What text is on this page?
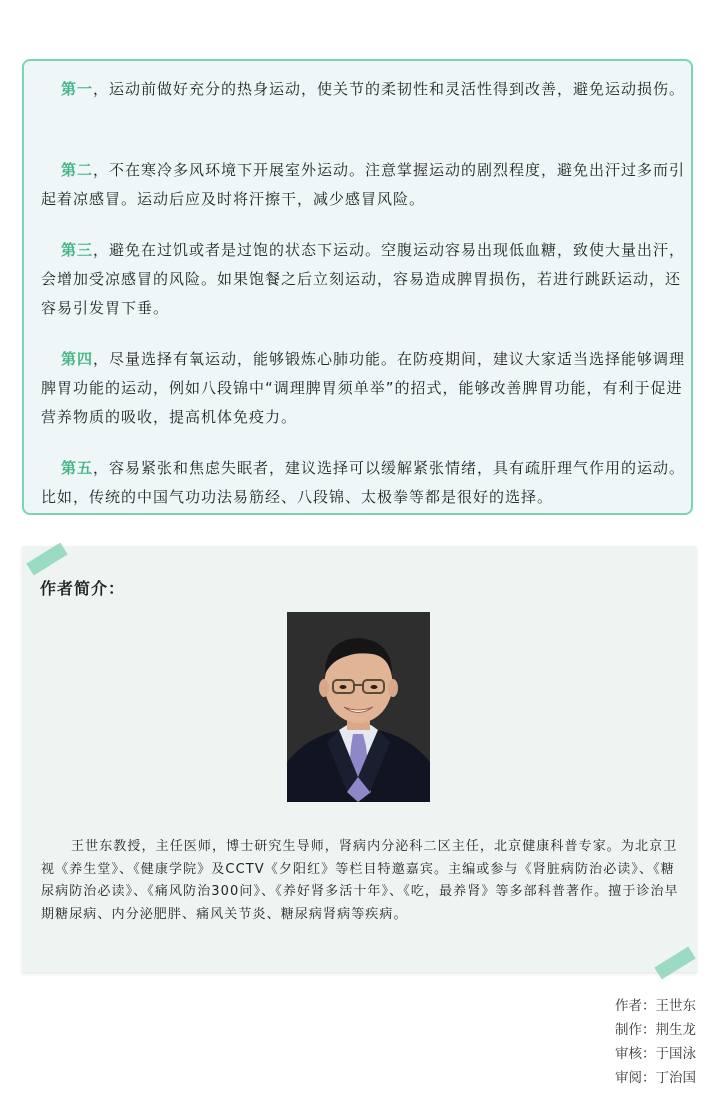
第一，运动前做好充分的热身运动，使关节的柔韧性和灵活性得到改善，避免运动损伤。

第二，不在寒冷多风环境下开展室外运动。注意掌握运动的剧烈程度，避免出汗过多而引起着凉感冒。运动后应及时将汗擦干，减少感冒风险。

第三，避免在过饥或者是过饱的状态下运动。空腹运动容易出现低血糖，致使大量出汗，会增加受凉感冒的风险。如果饱餐之后立刻运动，容易造成脾胃损伤，若进行跳跃运动，还容易引发胃下垂。

第四，尽量选择有氧运动，能够锻炼心肺功能。在防疫期间，建议大家适当选择能够调理脾胃功能的运动，例如八段锦中“调理脾胃须单举”的招式，能够改善脾胃功能，有利于促进营养物质的吸收，提高机体免疫力。

第五，容易紧张和焦虑失眠者，建议选择可以缓解紧张情绪，具有疏肝理气作用的运动。比如，传统的中国气功功法易筋经、八段锦、太极拳等都是很好的选择。

作者简介：

王世东教授，主任医师，博士研究生导师，肾病内分泌科二区主任，北京健康科普专家。为北京卫视《养生堂》、《健康学院》及CCTV《夕阳红》等栏目特邀嘉宾。主编或参与《肾脏病防治必读》、《糖尿病防治必读》、《痛风防治300问》、《养好肾多活十年》、《吃，最养肾》等多部科普著作。擅于诊治早期糖尿病、内分泌肥胖、痛风关节炎、糖尿病肾病等疾病。

作者：王世东
制作：荆生龙
审核：于国泳
审阅：丁治国
